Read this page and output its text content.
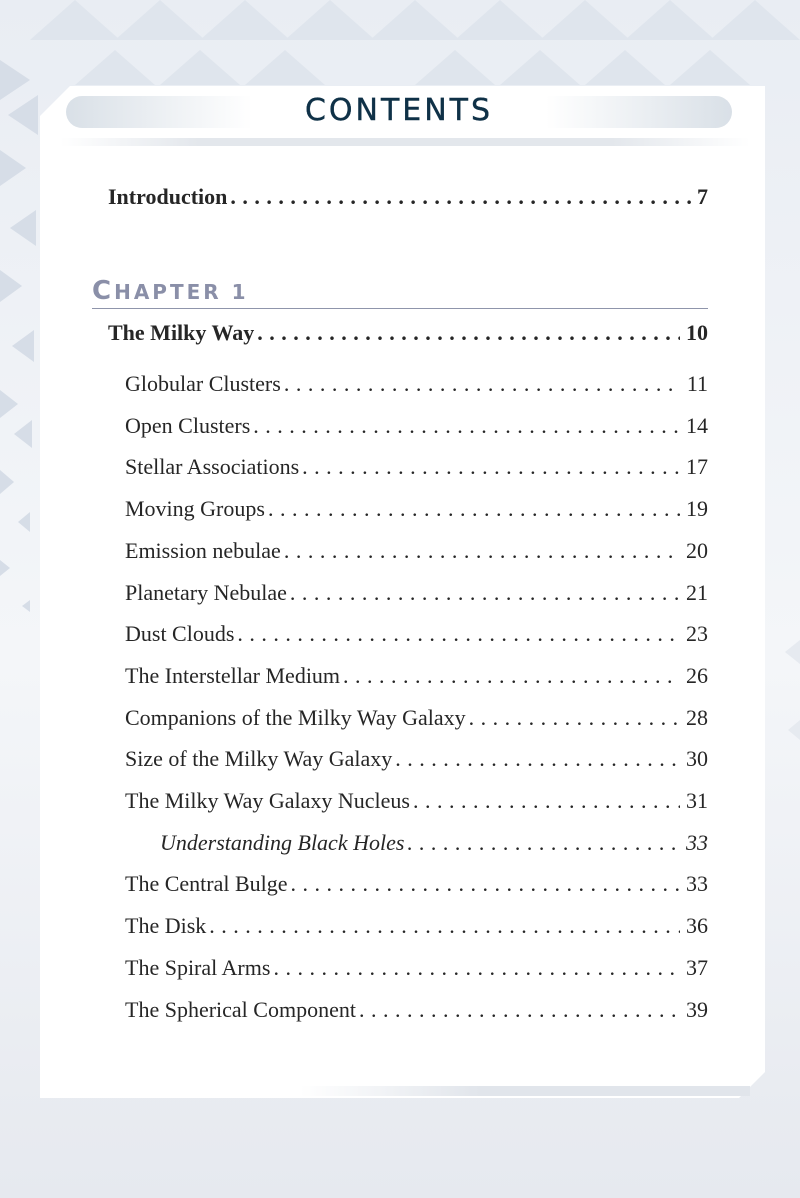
CONTENTS
Introduction . . .	7
CHAPTER 1
The Milky Way . . .	10
Globular Clusters . . .	11
Open Clusters . . .	14
Stellar Associations . . .	17
Moving Groups . . .	19
Emission nebulae . . .	20
Planetary Nebulae . . .	21
Dust Clouds . . .	23
The Interstellar Medium . . .	26
Companions of the Milky Way Galaxy . . .	28
Size of the Milky Way Galaxy . . .	30
The Milky Way Galaxy Nucleus . . .	31
Understanding Black Holes . . .	33
The Central Bulge . . .	33
The Disk . . .	36
The Spiral Arms . . .	37
The Spherical Component . . .	39
